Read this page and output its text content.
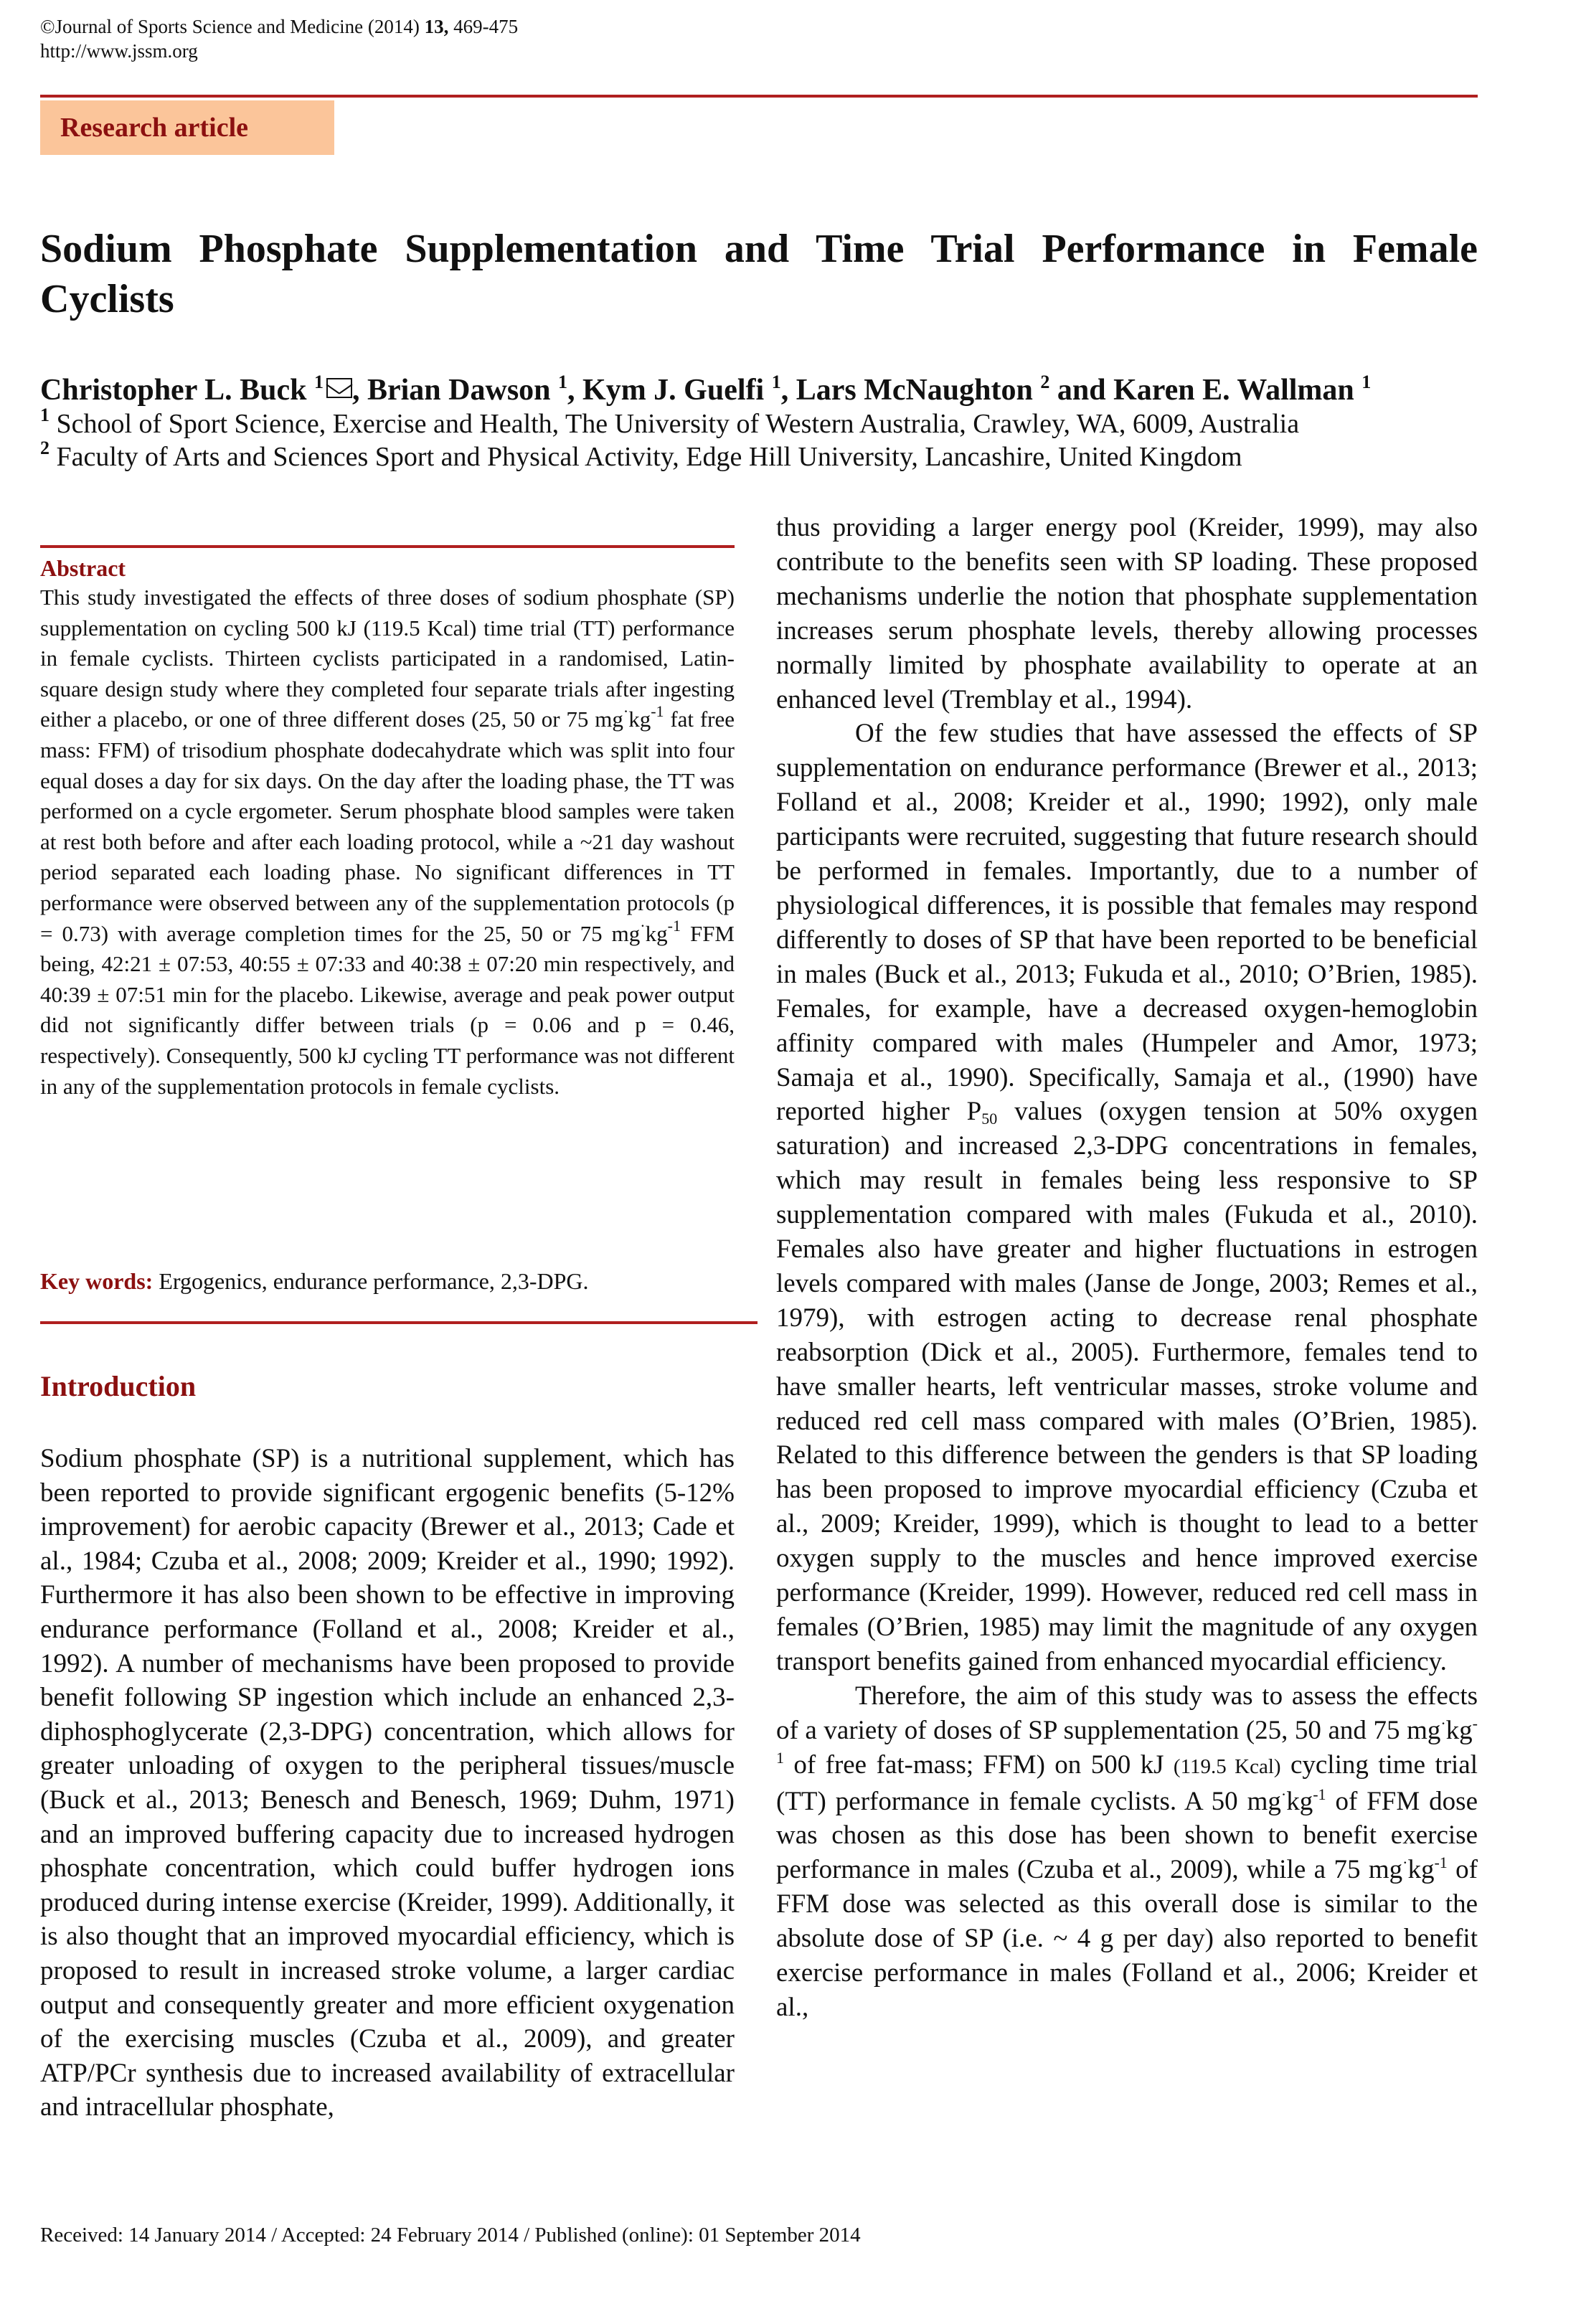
©Journal of Sports Science and Medicine (2014) 13, 469-475
http://www.jssm.org
Research article
Sodium Phosphate Supplementation and Time Trial Performance in Female Cyclists
Christopher L. Buck $^1$ , Brian Dawson $^1$, Kym J. Guelfi $^1$, Lars McNaughton $^2$ and Karen E. Wallman $^1$
$^1$ School of Sport Science, Exercise and Health, The University of Western Australia, Crawley, WA, 6009, Australia
$^2$ Faculty of Arts and Sciences Sport and Physical Activity, Edge Hill University, Lancashire, United Kingdom
Abstract
This study investigated the effects of three doses of sodium phosphate (SP) supplementation on cycling 500 kJ (119.5 Kcal) time trial (TT) performance in female cyclists. Thirteen cyclists participated in a randomised, Latin-square design study where they completed four separate trials after ingesting either a placebo, or one of three different doses (25, 50 or 75 $mg^\cdot kg^{-1}$ fat free mass: FFM) of trisodium phosphate dodecahydrate which was split into four equal doses a day for six days. On the day after the loading phase, the TT was performed on a cycle ergometer. Serum phosphate blood samples were taken at rest both before and after each loading protocol, while a ~21 day washout period separated each loading phase. No significant differences in TT performance were observed between any of the supplementation protocols (p = 0.73) with average completion times for the 25, 50 or 75 $mg^\cdot kg^{-1}$ FFM being, 42:21 ± 07:53, 40:55 ± 07:33 and 40:38 ± 07:20 min respectively, and 40:39 ± 07:51 min for the placebo. Likewise, average and peak power output did not significantly differ between trials (p = 0.06 and p = 0.46, respectively). Consequently, 500 kJ cycling TT performance was not different in any of the supplementation protocols in female cyclists.
Key words: Ergogenics, endurance performance, 2,3-DPG.
Introduction

Sodium phosphate (SP) is a nutritional supplement, which has been reported to provide significant ergogenic benefits (5-12% improvement) for aerobic capacity (Brewer et al., 2013; Cade et al., 1984; Czuba et al., 2008; 2009; Kreider et al., 1990; 1992). Furthermore it has also been shown to be effective in improving endurance performance (Folland et al., 2008; Kreider et al., 1992). A number of mechanisms have been proposed to provide benefit following SP ingestion which include an enhanced 2,3-diphosphoglycerate (2,3-DPG) concentration, which allows for greater unloading of oxygen to the peripheral tissues/muscle (Buck et al., 2013; Benesch and Benesch, 1969; Duhm, 1971) and an improved buffering capacity due to increased hydrogen phosphate concentration, which could buffer hydrogen ions produced during intense exercise (Kreider, 1999). Additionally, it is also thought that an improved myocardial efficiency, which is proposed to result in increased stroke volume, a larger cardiac output and consequently greater and more efficient oxygenation of the exercising muscles (Czuba et al., 2009), and greater ATP/PCr synthesis due to increased availability of extracellular and intracellular phosphate,

thus providing a larger energy pool (Kreider, 1999), may also contribute to the benefits seen with SP loading. These proposed mechanisms underlie the notion that phosphate supplementation increases serum phosphate levels, thereby allowing processes normally limited by phosphate availability to operate at an enhanced level (Tremblay et al., 1994).

Of the few studies that have assessed the effects of SP supplementation on endurance performance (Brewer et al., 2013; Folland et al., 2008; Kreider et al., 1990; 1992), only male participants were recruited, suggesting that future research should be performed in females. Importantly, due to a number of physiological differences, it is possible that females may respond differently to doses of SP that have been reported to be beneficial in males (Buck et al., 2013; Fukuda et al., 2010; O’Brien, 1985). Females, for example, have a decreased oxygen-hemoglobin affinity compared with males (Humpeler and Amor, 1973; Samaja et al., 1990). Specifically, Samaja et al., (1990) have reported higher $P_{50}$ values (oxygen tension at 50% oxygen saturation) and increased 2,3-DPG concentrations in females, which may result in females being less responsive to SP supplementation compared with males (Fukuda et al., 2010). Females also have greater and higher fluctuations in estrogen levels compared with males (Janse de Jonge, 2003; Remes et al., 1979), with estrogen acting to decrease renal phosphate reabsorption (Dick et al., 2005). Furthermore, females tend to have smaller hearts, left ventricular masses, stroke volume and reduced red cell mass compared with males (O’Brien, 1985). Related to this difference between the genders is that SP loading has been proposed to improve myocardial efficiency (Czuba et al., 2009; Kreider, 1999), which is thought to lead to a better oxygen supply to the muscles and hence improved exercise performance (Kreider, 1999). However, reduced red cell mass in females (O’Brien, 1985) may limit the magnitude of any oxygen transport benefits gained from enhanced myocardial efficiency.

Therefore, the aim of this study was to assess the effects of a variety of doses of SP supplementation (25, 50 and 75 $mg^\cdot kg^{-1}$ of free fat-mass; FFM) on 500 kJ (119.5 Kcal) cycling time trial (TT) performance in female cyclists. A 50 $mg^\cdot kg^{-1}$ of FFM dose was chosen as this dose has been shown to benefit exercise performance in males (Czuba et al., 2009), while a 75 $mg^\cdot kg^{-1}$ of FFM dose was selected as this overall dose is similar to the absolute dose of SP (i.e. ~ 4 g per day) also reported to benefit exercise performance in males (Folland et al., 2006; Kreider et al.,

Received: 14 January 2014 / Accepted: 24 February 2014 / Published (online): 01 September 2014
